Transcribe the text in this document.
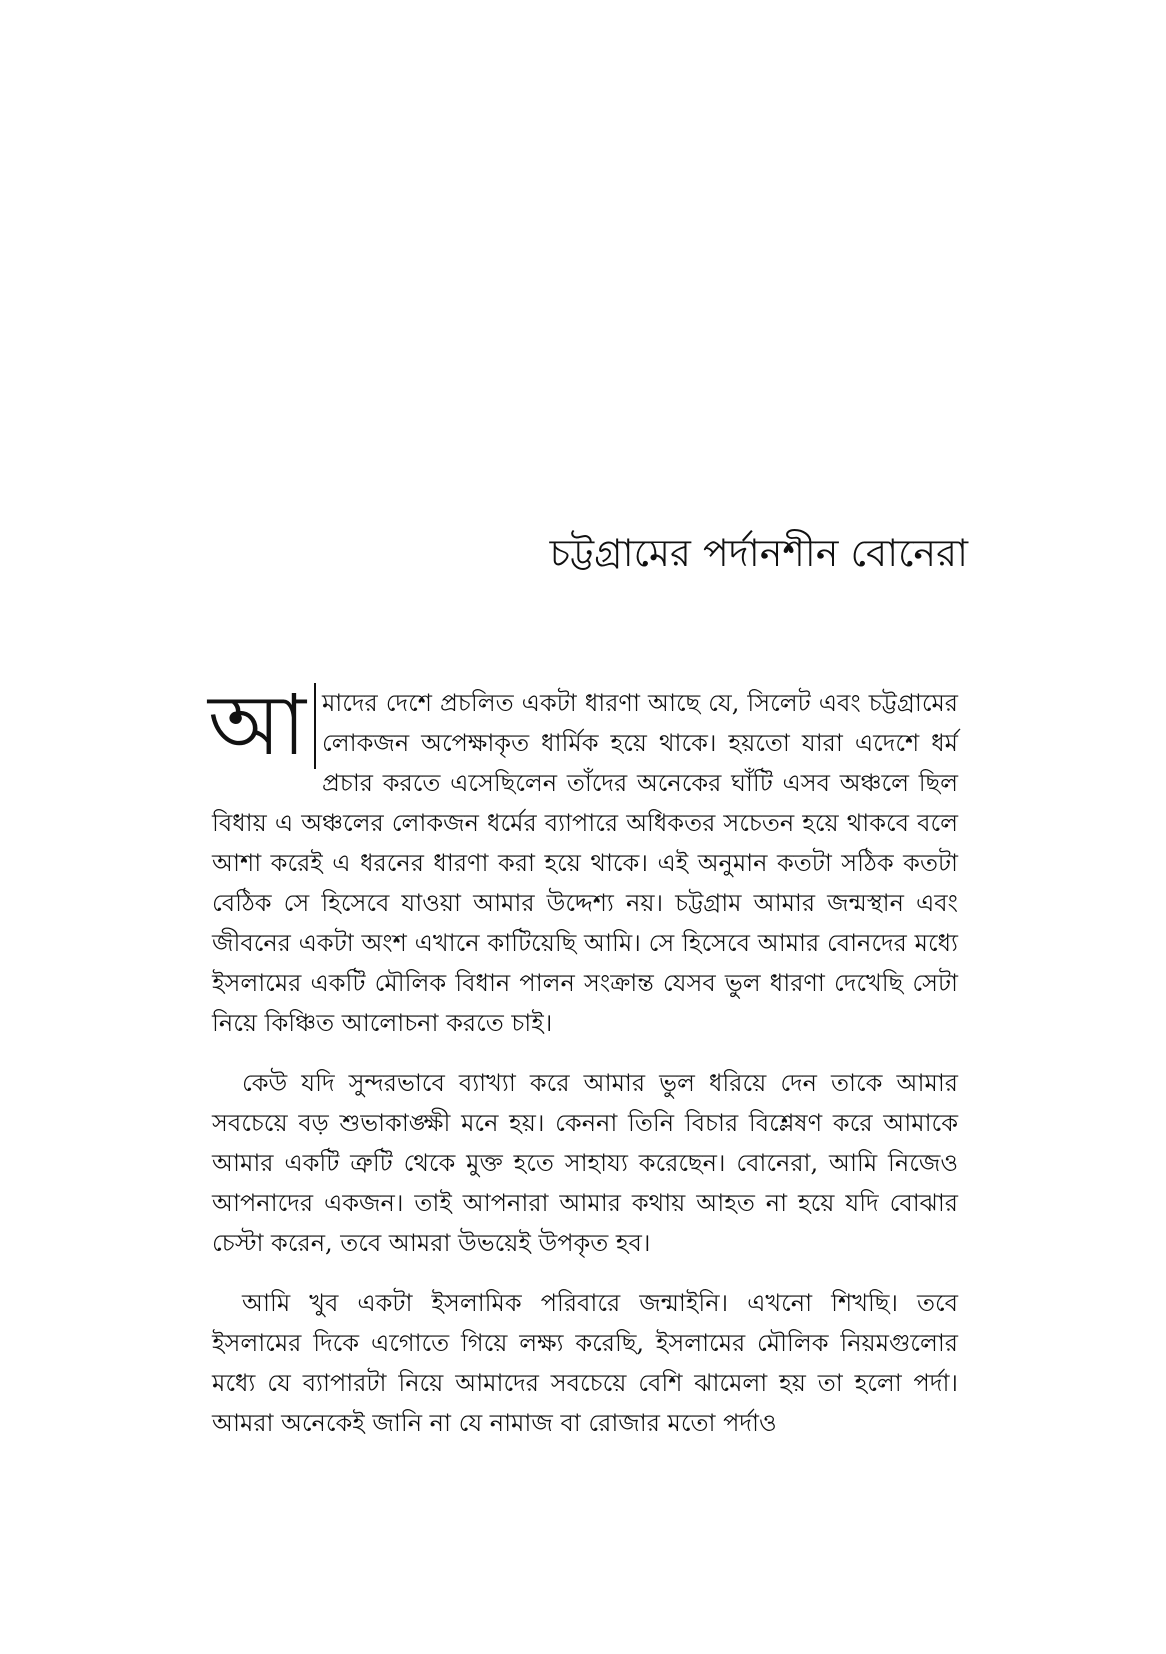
চট্টগ্রামের পর্দানশীন বোনেরা

আমাদের দেশে প্রচলিত একটা ধারণা আছে যে, সিলেট এবং চট্টগ্রামের লোকজন অপেক্ষাকৃত ধার্মিক হয়ে থাকে। হয়তো যারা এদেশে ধর্ম প্রচার করতে এসেছিলেন তাঁদের অনেকের ঘাঁটি এসব অঞ্চলে ছিল বিধায় এ অঞ্চলের লোকজন ধর্মের ব্যাপারে অধিকতর সচেতন হয়ে থাকবে বলে আশা করেই এ ধরনের ধারণা করা হয়ে থাকে। এই অনুমান কতটা সঠিক কতটা বেঠিক সে হিসেবে যাওয়া আমার উদ্দেশ্য নয়। চট্টগ্রাম আমার জন্মস্থান এবং জীবনের একটা অংশ এখানে কাটিয়েছি আমি। সে হিসেবে আমার বোনদের মধ্যে ইসলামের একটি মৌলিক বিধান পালন সংক্রান্ত যেসব ভুল ধারণা দেখেছি সেটা নিয়ে কিঞ্চিত আলোচনা করতে চাই।

কেউ যদি সুন্দরভাবে ব্যাখ্যা করে আমার ভুল ধরিয়ে দেন তাকে আমার সবচেয়ে বড় শুভাকাঙ্ক্ষী মনে হয়। কেননা তিনি বিচার বিশ্লেষণ করে আমাকে আমার একটি ত্রুটি থেকে মুক্ত হতে সাহায্য করেছেন। বোনেরা, আমি নিজেও আপনাদের একজন। তাই আপনারা আমার কথায় আহত না হয়ে যদি বোঝার চেস্টা করেন, তবে আমরা উভয়েই উপকৃত হব।

আমি খুব একটা ইসলামিক পরিবারে জন্মাইনি। এখনো শিখছি। তবে ইসলামের দিকে এগোতে গিয়ে লক্ষ্য করেছি, ইসলামের মৌলিক নিয়মগুলোর মধ্যে যে ব্যাপারটা নিয়ে আমাদের সবচেয়ে বেশি ঝামেলা হয় তা হলো পর্দা। আমরা অনেকেই জানি না যে নামাজ বা রোজার মতো পর্দাও
